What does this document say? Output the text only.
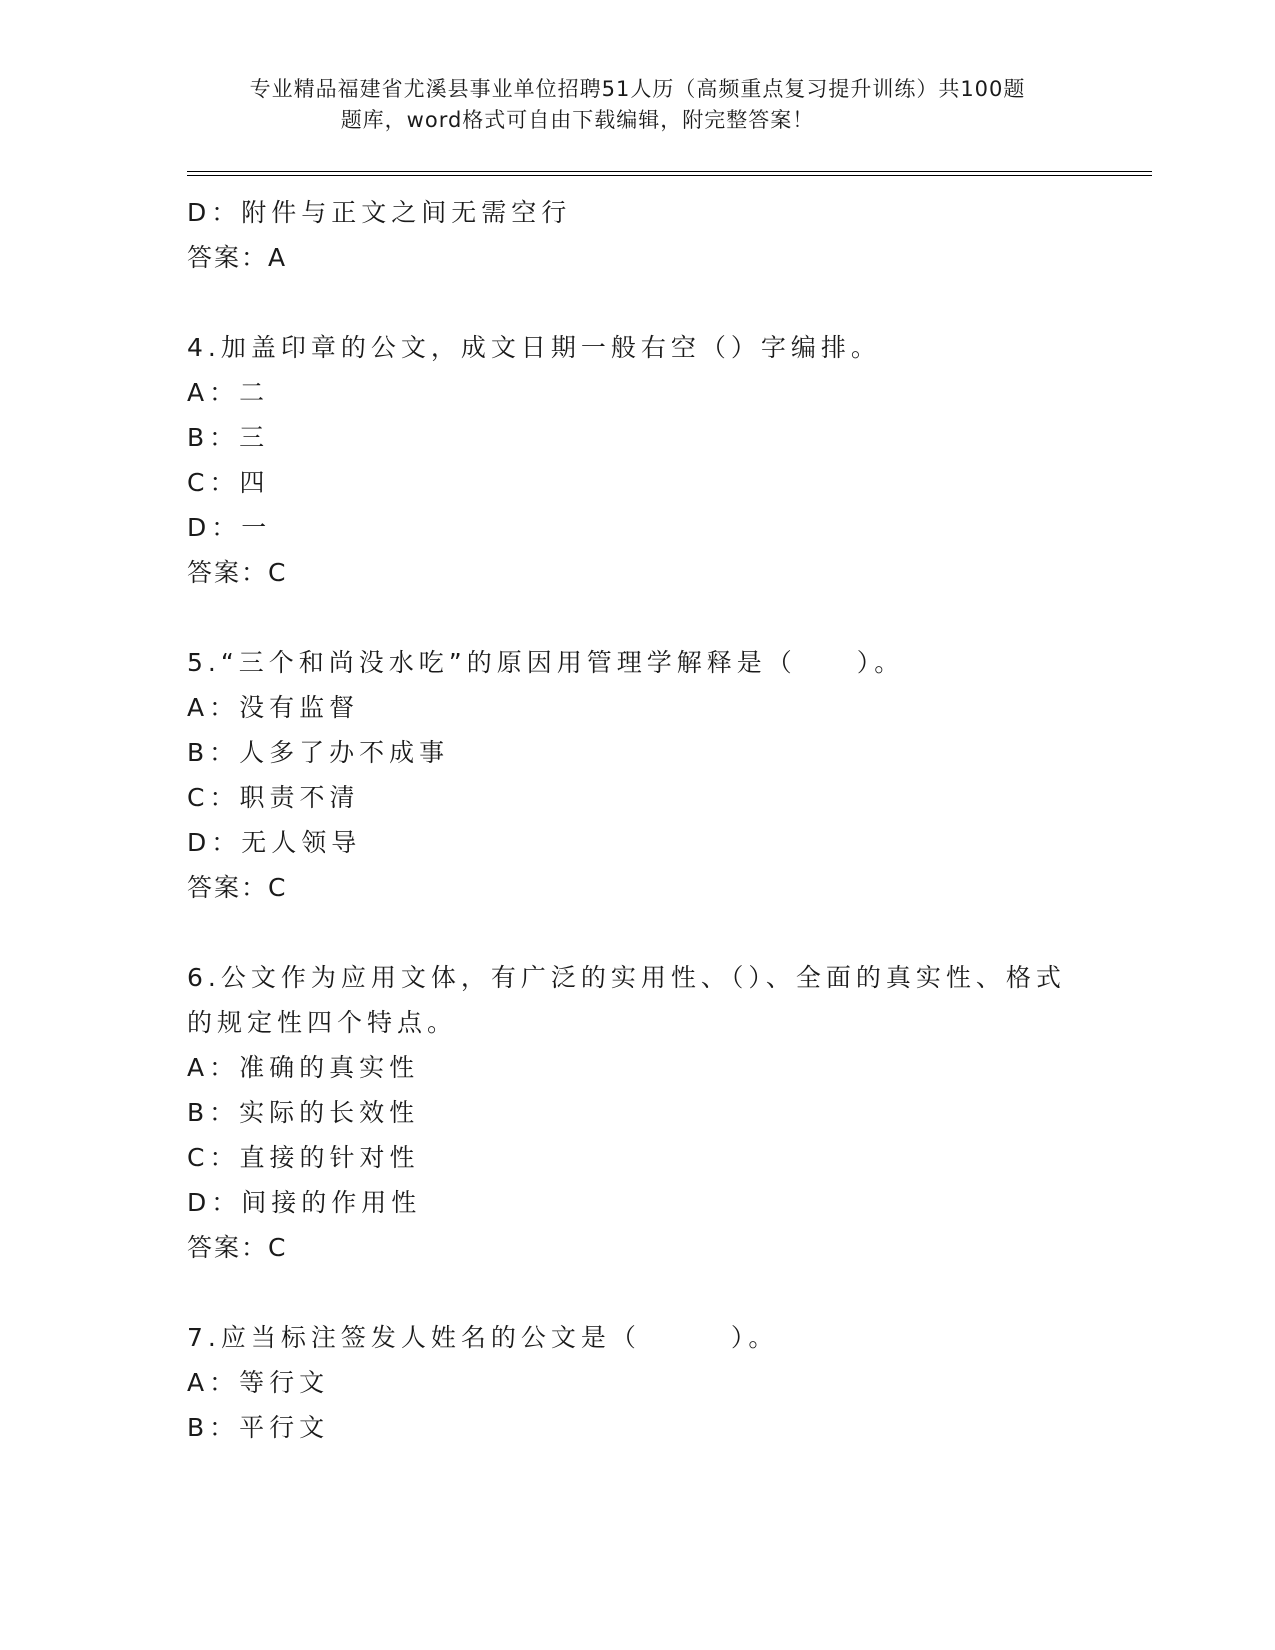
专业精品福建省尤溪县事业单位招聘51人历（高频重点复习提升训练）共100题

题库，word格式可自由下载编辑，附完整答案！
D：附件与正文之间无需空行
答案：A
4.加盖印章的公文，成文日期一般右空（）字编排。
A：二
B：三
C：四
D：一
答案：C
5.“三个和尚没水吃”的原因用管理学解释是（　　）。
A：没有监督
B：人多了办不成事
C：职责不清
D：无人领导
答案：C
6.公文作为应用文体，有广泛的实用性、（）、全面的真实性、格式
的规定性四个特点。
A：准确的真实性
B：实际的长效性
C：直接的针对性
D：间接的作用性
答案：C
7.应当标注签发人姓名的公文是（　　　）。
A：等行文
B：平行文
